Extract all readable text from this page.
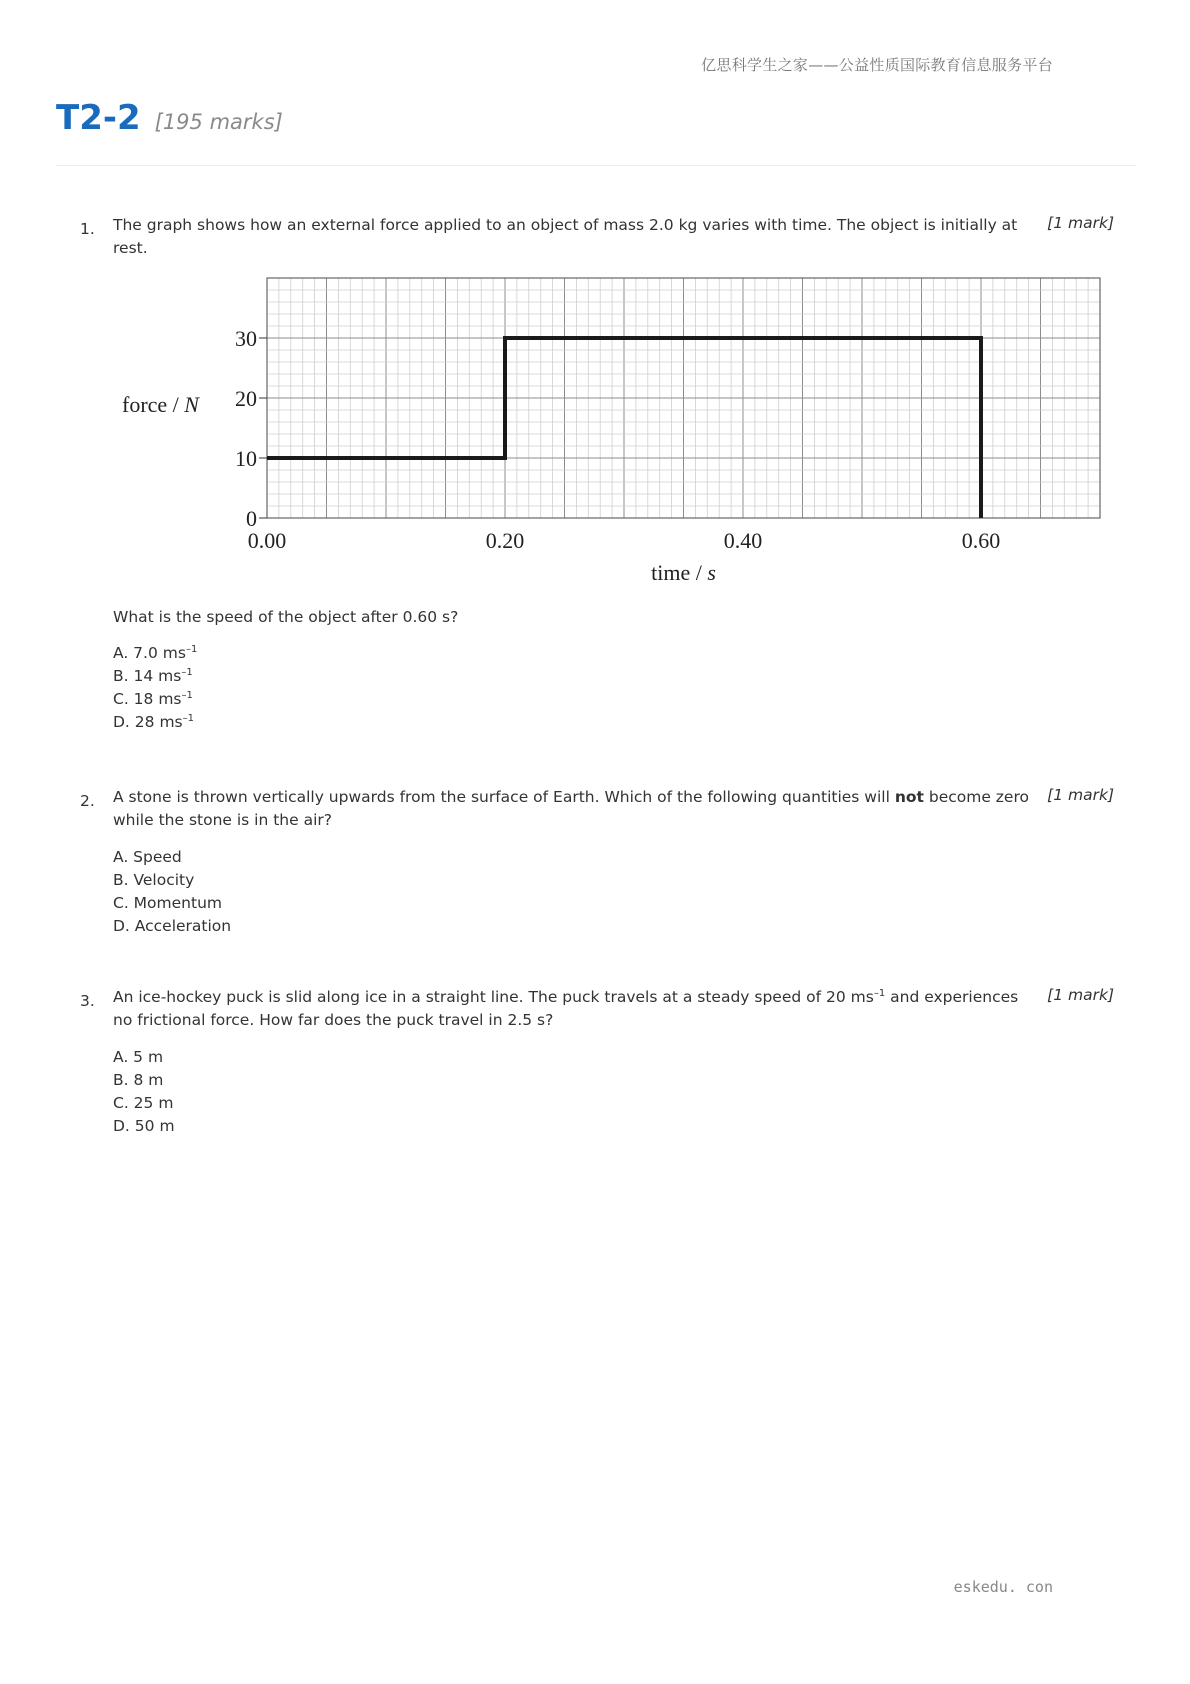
亿思科学生之家——公益性质国际教育信息服务平台
T2-2 [195 marks]
1. The graph shows how an external force applied to an object of mass 2.0 kg varies with time. The object is initially at rest.
[1 mark]
0
10
20
30
0.00	0.20	0.40	0.60
force / N
time / s
What is the speed of the object after 0.60 s?
A. 7.0 $ms^{-1}$
B. 14 $ms^{-1}$
C. 18 $ms^{-1}$
D. 28 $ms^{-1}$
2. A stone is thrown vertically upwards from the surface of Earth. Which of the following quantities will not become zero while the stone is in the air?
[1 mark]
A. Speed
B. Velocity
C. Momentum
D. Acceleration
3. An ice-hockey puck is slid along ice in a straight line. The puck travels at a steady speed of 20 $ms^{-1}$ and experiences no frictional force. How far does the puck travel in 2.5 s?
[1 mark]
A. 5 m
B. 8 m
C. 25 m
D. 50 m
eskedu. con
